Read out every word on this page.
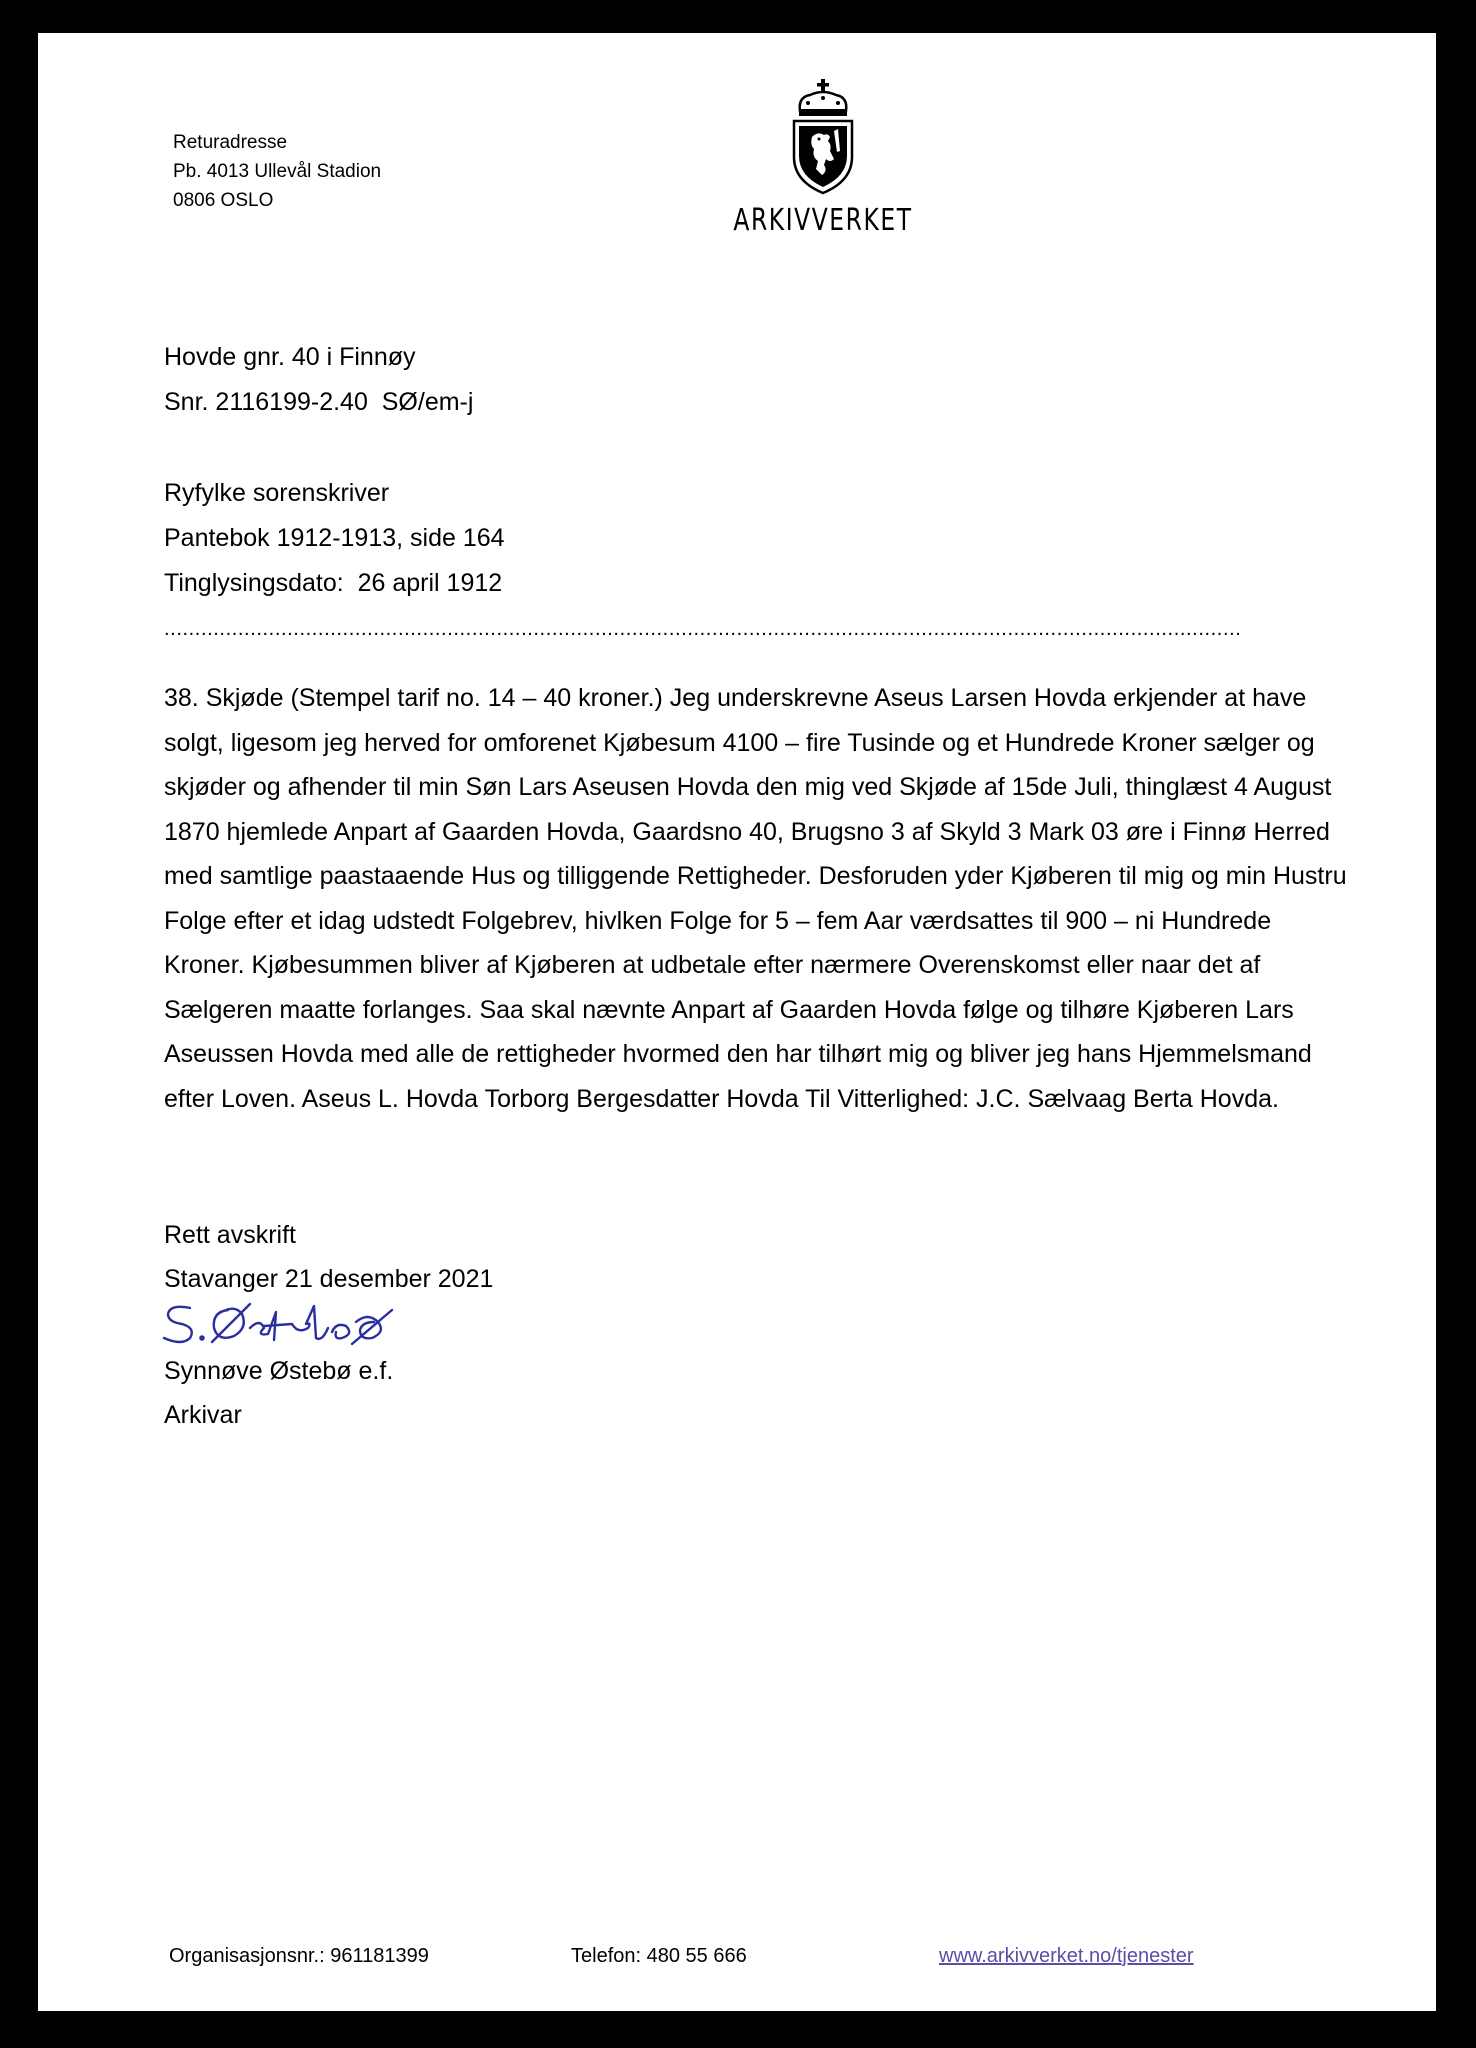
Returadresse
Pb. 4013 Ullevål Stadion
0806 OSLO
ARKIVVERKET
Hovde gnr. 40 i Finnøy
Snr. 2116199-2.40  SØ/em-j
Ryfylke sorenskriver
Pantebok 1912-1913, side 164
Tinglysingsdato:  26 april 1912
...............................................................................................................................................................................
38. Skjøde (Stempel tarif no. 14 – 40 kroner.) Jeg underskrevne Aseus Larsen Hovda erkjender at have
solgt, ligesom jeg herved for omforenet Kjøbesum 4100 – fire Tusinde og et Hundrede Kroner sælger og
skjøder og afhender til min Søn Lars Aseusen Hovda den mig ved Skjøde af 15de Juli, thinglæst 4 August
1870 hjemlede Anpart af Gaarden Hovda, Gaardsno 40, Brugsno 3 af Skyld 3 Mark 03 øre i Finnø Herred
med samtlige paastaaende Hus og tilliggende Rettigheder. Desforuden yder Kjøberen til mig og min Hustru
Folge efter et idag udstedt Folgebrev, hivlken Folge for 5 – fem Aar værdsattes til 900 – ni Hundrede
Kroner. Kjøbesummen bliver af Kjøberen at udbetale efter nærmere Overenskomst eller naar det af
Sælgeren maatte forlanges. Saa skal nævnte Anpart af Gaarden Hovda følge og tilhøre Kjøberen Lars
Aseussen Hovda med alle de rettigheder hvormed den har tilhørt mig og bliver jeg hans Hjemmelsmand
efter Loven. Aseus L. Hovda Torborg Bergesdatter Hovda Til Vitterlighed: J.C. Sælvaag Berta Hovda.
Rett avskrift
Stavanger 21 desember 2021
Synnøve Østebø e.f.
Arkivar
Organisasjonsnr.: 961181399	Telefon: 480 55 666	www.arkivverket.no/tjenester
